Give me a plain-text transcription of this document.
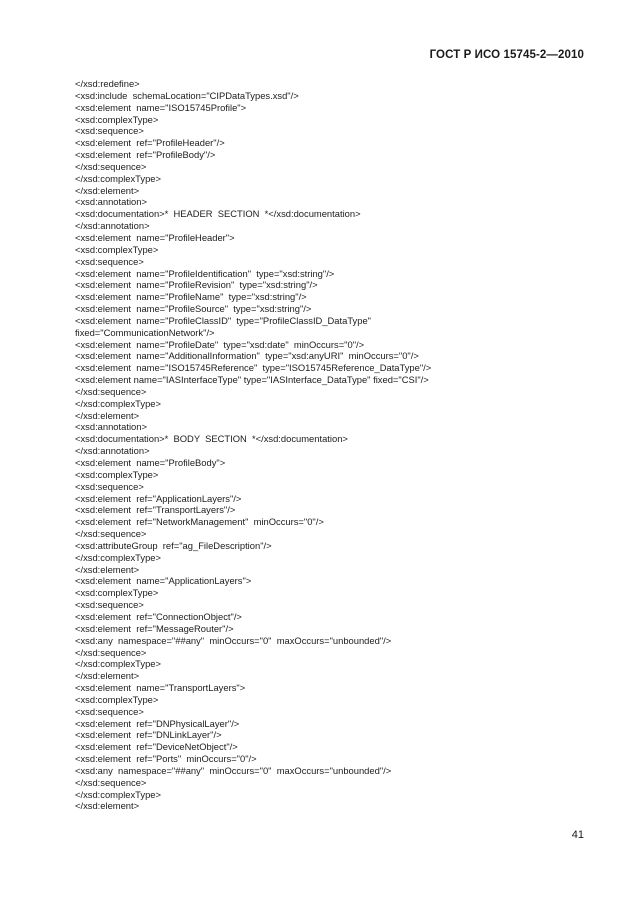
ГОСТ Р ИСО 15745-2—2010
</xsd:redefine>
<xsd:include  schemaLocation="CIPDataTypes.xsd"/>
<xsd:element  name="ISO15745Profile">
<xsd:complexType>
<xsd:sequence>
<xsd:element  ref="ProfileHeader"/>
<xsd:element  ref="ProfileBody"/>
</xsd:sequence>
</xsd:complexType>
</xsd:element>
<xsd:annotation>
<xsd:documentation>*  HEADER  SECTION  *</xsd:documentation>
</xsd:annotation>
<xsd:element  name="ProfileHeader">
<xsd:complexType>
<xsd:sequence>
<xsd:element  name="ProfileIdentification"  type="xsd:string"/>
<xsd:element  name="ProfileRevision"  type="xsd:string"/>
<xsd:element  name="ProfileName"  type="xsd:string"/>
<xsd:element  name="ProfileSource"  type="xsd:string"/>
<xsd:element  name="ProfileClassID"  type="ProfileClassID_DataType"
fixed="CommunicationNetwork"/>
<xsd:element  name="ProfileDate"  type="xsd:date"  minOccurs="0"/>
<xsd:element  name="AdditionalInformation"  type="xsd:anyURI"  minOccurs="0"/>
<xsd:element  name="ISO15745Reference"  type="ISO15745Reference_DataType"/>
<xsd:element name="IASInterfaceType" type="IASInterface_DataType" fixed="CSI"/>
</xsd:sequence>
</xsd:complexType>
</xsd:element>
<xsd:annotation>
<xsd:documentation>*  BODY  SECTION  *</xsd:documentation>
</xsd:annotation>
<xsd:element  name="ProfileBody">
<xsd:complexType>
<xsd:sequence>
<xsd:element  ref="ApplicationLayers"/>
<xsd:element  ref="TransportLayers"/>
<xsd:element  ref="NetworkManagement"  minOccurs="0"/>
</xsd:sequence>
<xsd:attributeGroup  ref="ag_FileDescription"/>
</xsd:complexType>
</xsd:element>
<xsd:element  name="ApplicationLayers">
<xsd:complexType>
<xsd:sequence>
<xsd:element  ref="ConnectionObject"/>
<xsd:element  ref="MessageRouter"/>
<xsd:any  namespace="##any"  minOccurs="0"  maxOccurs="unbounded"/>
</xsd:sequence>
</xsd:complexType>
</xsd:element>
<xsd:element  name="TransportLayers">
<xsd:complexType>
<xsd:sequence>
<xsd:element  ref="DNPhysicalLayer"/>
<xsd:element  ref="DNLinkLayer"/>
<xsd:element  ref="DeviceNetObject"/>
<xsd:element  ref="Ports"  minOccurs="0"/>
<xsd:any  namespace="##any"  minOccurs="0"  maxOccurs="unbounded"/>
</xsd:sequence>
</xsd:complexType>
</xsd:element>
41
